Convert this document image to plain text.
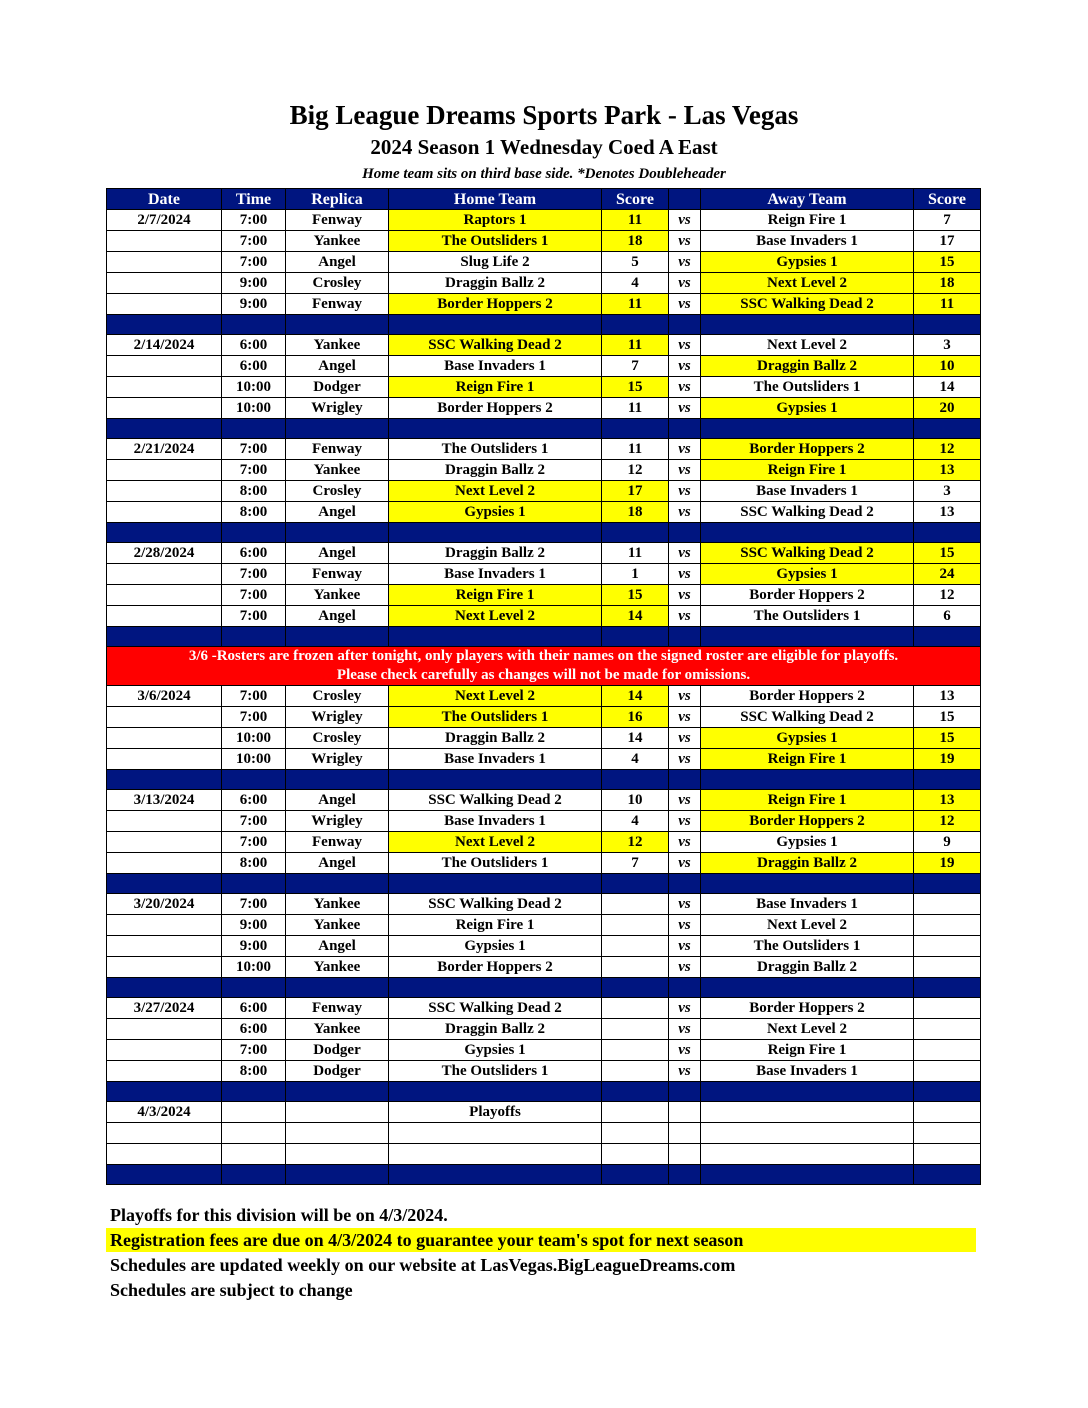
Big League Dreams Sports Park - Las Vegas
2024 Season 1 Wednesday Coed A East
Home team sits on third base side. *Denotes Doubleheader
Date	Time	Replica	Home Team	Score		Away Team	Score
2/7/2024	7:00	Fenway	Raptors 1	11	vs	Reign Fire 1	7
	7:00	Yankee	The Outsliders 1	18	vs	Base Invaders 1	17
	7:00	Angel	Slug Life 2	5	vs	Gypsies 1	15
	9:00	Crosley	Draggin Ballz 2	4	vs	Next Level 2	18
	9:00	Fenway	Border Hoppers 2	11	vs	SSC Walking Dead 2	11

2/14/2024	6:00	Yankee	SSC Walking Dead 2	11	vs	Next Level 2	3
	6:00	Angel	Base Invaders 1	7	vs	Draggin Ballz 2	10
	10:00	Dodger	Reign Fire 1	15	vs	The Outsliders 1	14
	10:00	Wrigley	Border Hoppers 2	11	vs	Gypsies 1	20

2/21/2024	7:00	Fenway	The Outsliders 1	11	vs	Border Hoppers 2	12
	7:00	Yankee	Draggin Ballz 2	12	vs	Reign Fire 1	13
	8:00	Crosley	Next Level 2	17	vs	Base Invaders 1	3
	8:00	Angel	Gypsies 1	18	vs	SSC Walking Dead 2	13

2/28/2024	6:00	Angel	Draggin Ballz 2	11	vs	SSC Walking Dead 2	15
	7:00	Fenway	Base Invaders 1	1	vs	Gypsies 1	24
	7:00	Yankee	Reign Fire 1	15	vs	Border Hoppers 2	12
	7:00	Angel	Next Level 2	14	vs	The Outsliders 1	6

3/6 -Rosters are frozen after tonight, only players with their names on the signed roster are eligible for playoffs.
Please check carefully as changes will not be made for omissions.							

3/6/2024	7:00	Crosley	Next Level 2	14	vs	Border Hoppers 2	13
	7:00	Wrigley	The Outsliders 1	16	vs	SSC Walking Dead 2	15
	10:00	Crosley	Draggin Ballz 2	14	vs	Gypsies 1	15
	10:00	Wrigley	Base Invaders 1	4	vs	Reign Fire 1	19

3/13/2024	6:00	Angel	SSC Walking Dead 2	10	vs	Reign Fire 1	13
	7:00	Wrigley	Base Invaders 1	4	vs	Border Hoppers 2	12
	7:00	Fenway	Next Level 2	12	vs	Gypsies 1	9
	8:00	Angel	The Outsliders 1	7	vs	Draggin Ballz 2	19

3/20/2024	7:00	Yankee	SSC Walking Dead 2		vs	Base Invaders 1	
	9:00	Yankee	Reign Fire 1		vs	Next Level 2	
	9:00	Angel	Gypsies 1		vs	The Outsliders 1	
	10:00	Yankee	Border Hoppers 2		vs	Draggin Ballz 2	

3/27/2024	6:00	Fenway	SSC Walking Dead 2		vs	Border Hoppers 2	
	6:00	Yankee	Draggin Ballz 2		vs	Next Level 2	
	7:00	Dodger	Gypsies 1		vs	Reign Fire 1	
	8:00	Dodger	The Outsliders 1		vs	Base Invaders 1	

4/3/2024			Playoffs				

Playoffs for this division will be on 4/3/2024.
Registration fees are due on 4/3/2024 to guarantee your team's spot for next season
Schedules are updated weekly on our website at LasVegas.BigLeagueDreams.com
Schedules are subject to change
